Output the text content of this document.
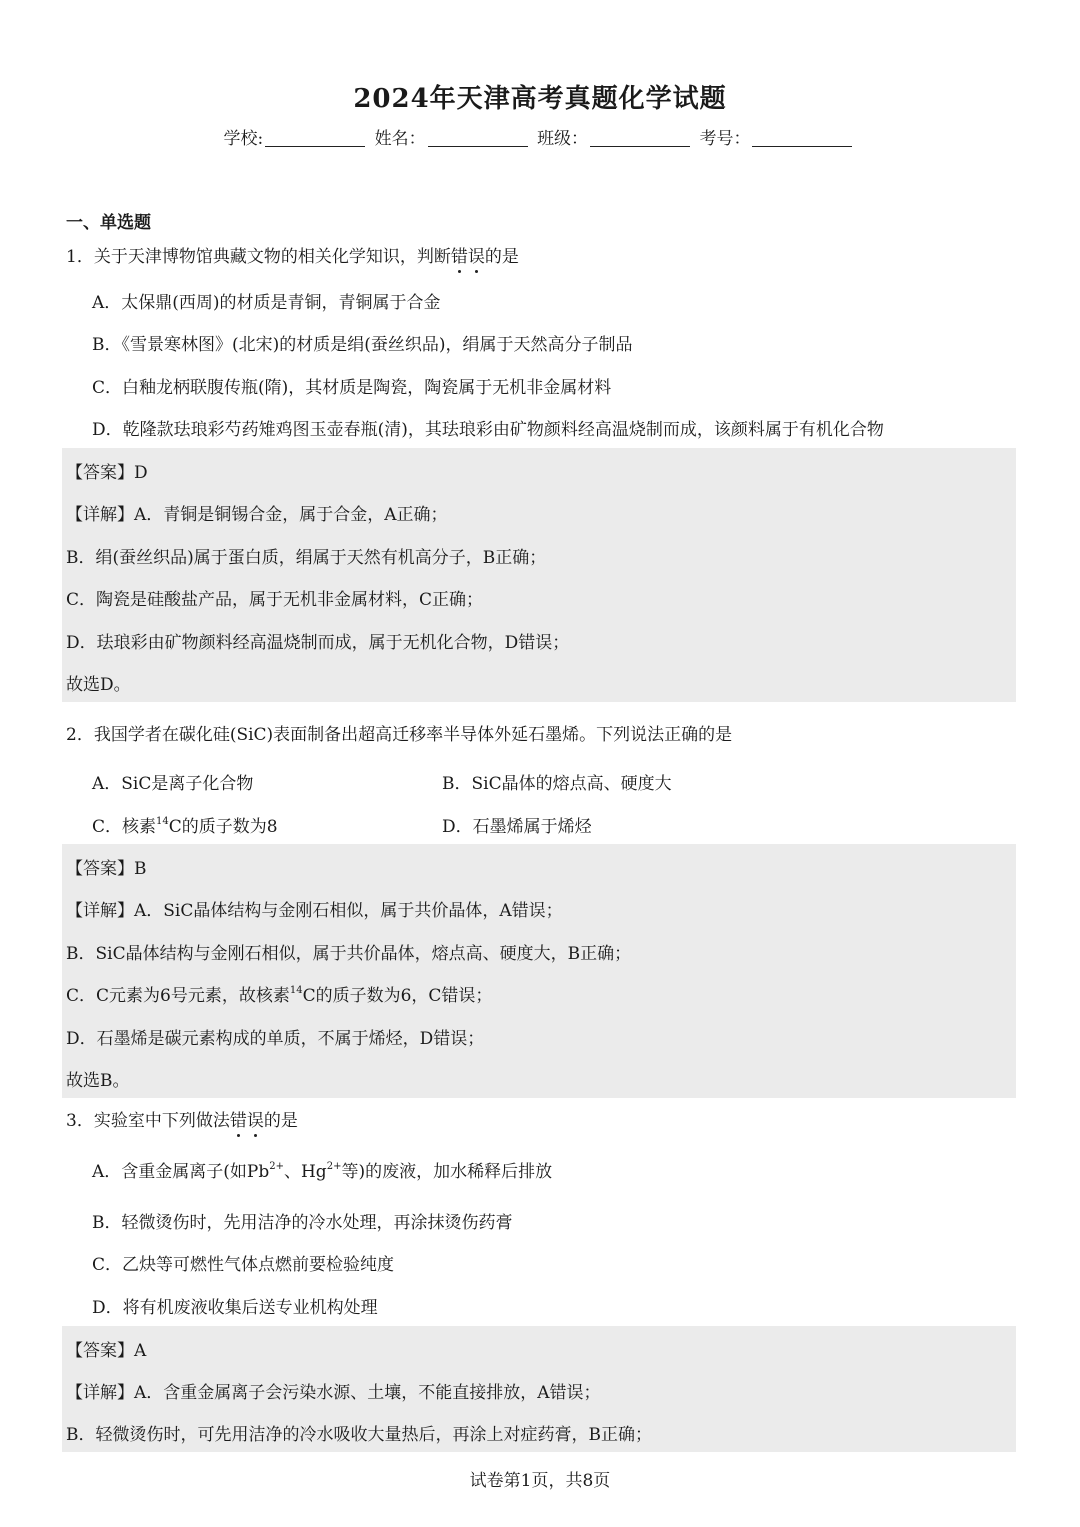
2024年天津高考真题化学试题
学校:	姓名：	班级：	考号：
一、单选题
1．关于天津博物馆典藏文物的相关化学知识，判断错误的是
A．太保鼎(西周)的材质是青铜，青铜属于合金
B．《雪景寒林图》(北宋)的材质是绢(蚕丝织品)，绢属于天然高分子制品
C．白釉龙柄联腹传瓶(隋)，其材质是陶瓷，陶瓷属于无机非金属材料
D．乾隆款珐琅彩芍药雉鸡图玉壶春瓶(清)，其珐琅彩由矿物颜料经高温烧制而成，该颜料属于有机化合物
【答案】D
【详解】A．青铜是铜锡合金，属于合金，A正确；
B．绢(蚕丝织品)属于蛋白质，绢属于天然有机高分子，B正确；
C．陶瓷是硅酸盐产品，属于无机非金属材料，C正确；
D．珐琅彩由矿物颜料经高温烧制而成，属于无机化合物，D错误；
故选D。
2．我国学者在碳化硅(SiC)表面制备出超高迁移率半导体外延石墨烯。下列说法正确的是
A．SiC是离子化合物	B．SiC晶体的熔点高、硬度大
C．核素$^{14}$C的质子数为8	D．石墨烯属于烯烃
【答案】B
【详解】A．SiC晶体结构与金刚石相似，属于共价晶体，A错误；
B．SiC晶体结构与金刚石相似，属于共价晶体，熔点高、硬度大，B正确；
C．C元素为6号元素，故核素$^{14}$C的质子数为6，C错误；
D．石墨烯是碳元素构成的单质，不属于烯烃，D错误；
故选B。
3．实验室中下列做法错误的是
A．含重金属离子(如$Pb^{2+}$、$Hg^{2+}$等)的废液，加水稀释后排放
B．轻微烫伤时，先用洁净的冷水处理，再涂抹烫伤药膏
C．乙炔等可燃性气体点燃前要检验纯度
D．将有机废液收集后送专业机构处理
【答案】A
【详解】A．含重金属离子会污染水源、土壤，不能直接排放，A错误；
B．轻微烫伤时，可先用洁净的冷水吸收大量热后，再涂上对症药膏，B正确；
试卷第1页，共8页
